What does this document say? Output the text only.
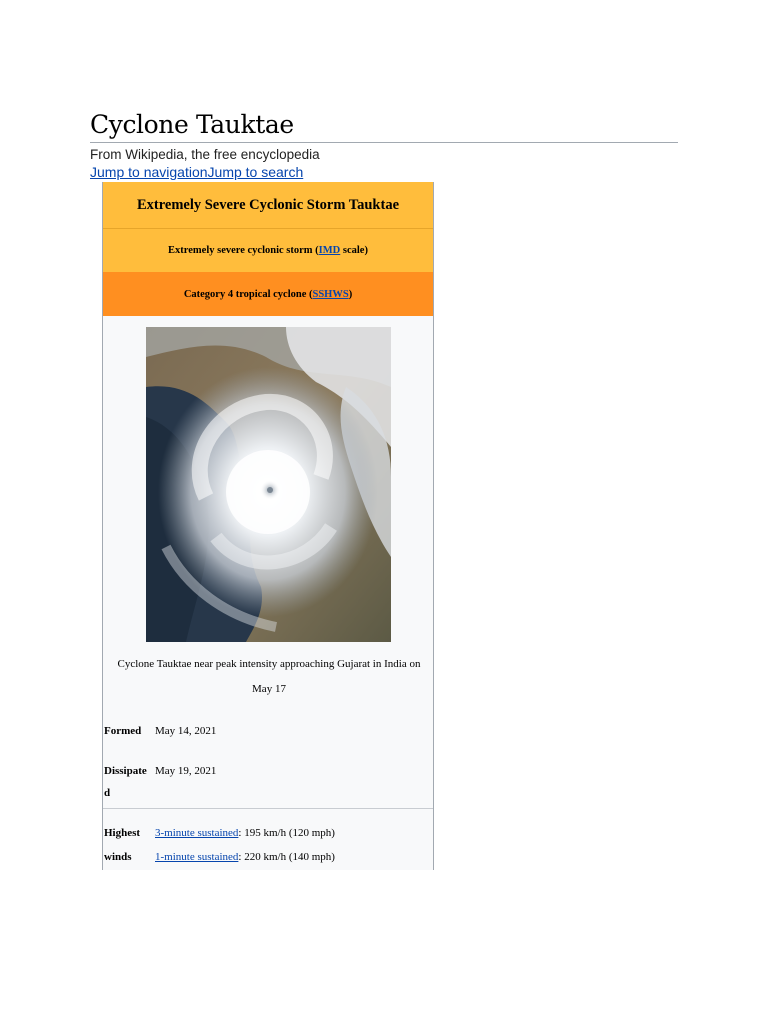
Cyclone Tauktae
From Wikipedia, the free encyclopedia
Jump to navigationJump to search
Extremely Severe Cyclonic Storm Tauktae
Extremely severe cyclonic storm (IMD scale)
Category 4 tropical cyclone (SSHWS)
Cyclone Tauktae near peak intensity approaching Gujarat in India on May 17
Formed	May 14, 2021
Dissipated
May 19, 2021
Highest winds
3-minute sustained: 195 km/h (120 mph)
1-minute sustained: 220 km/h (140 mph)
